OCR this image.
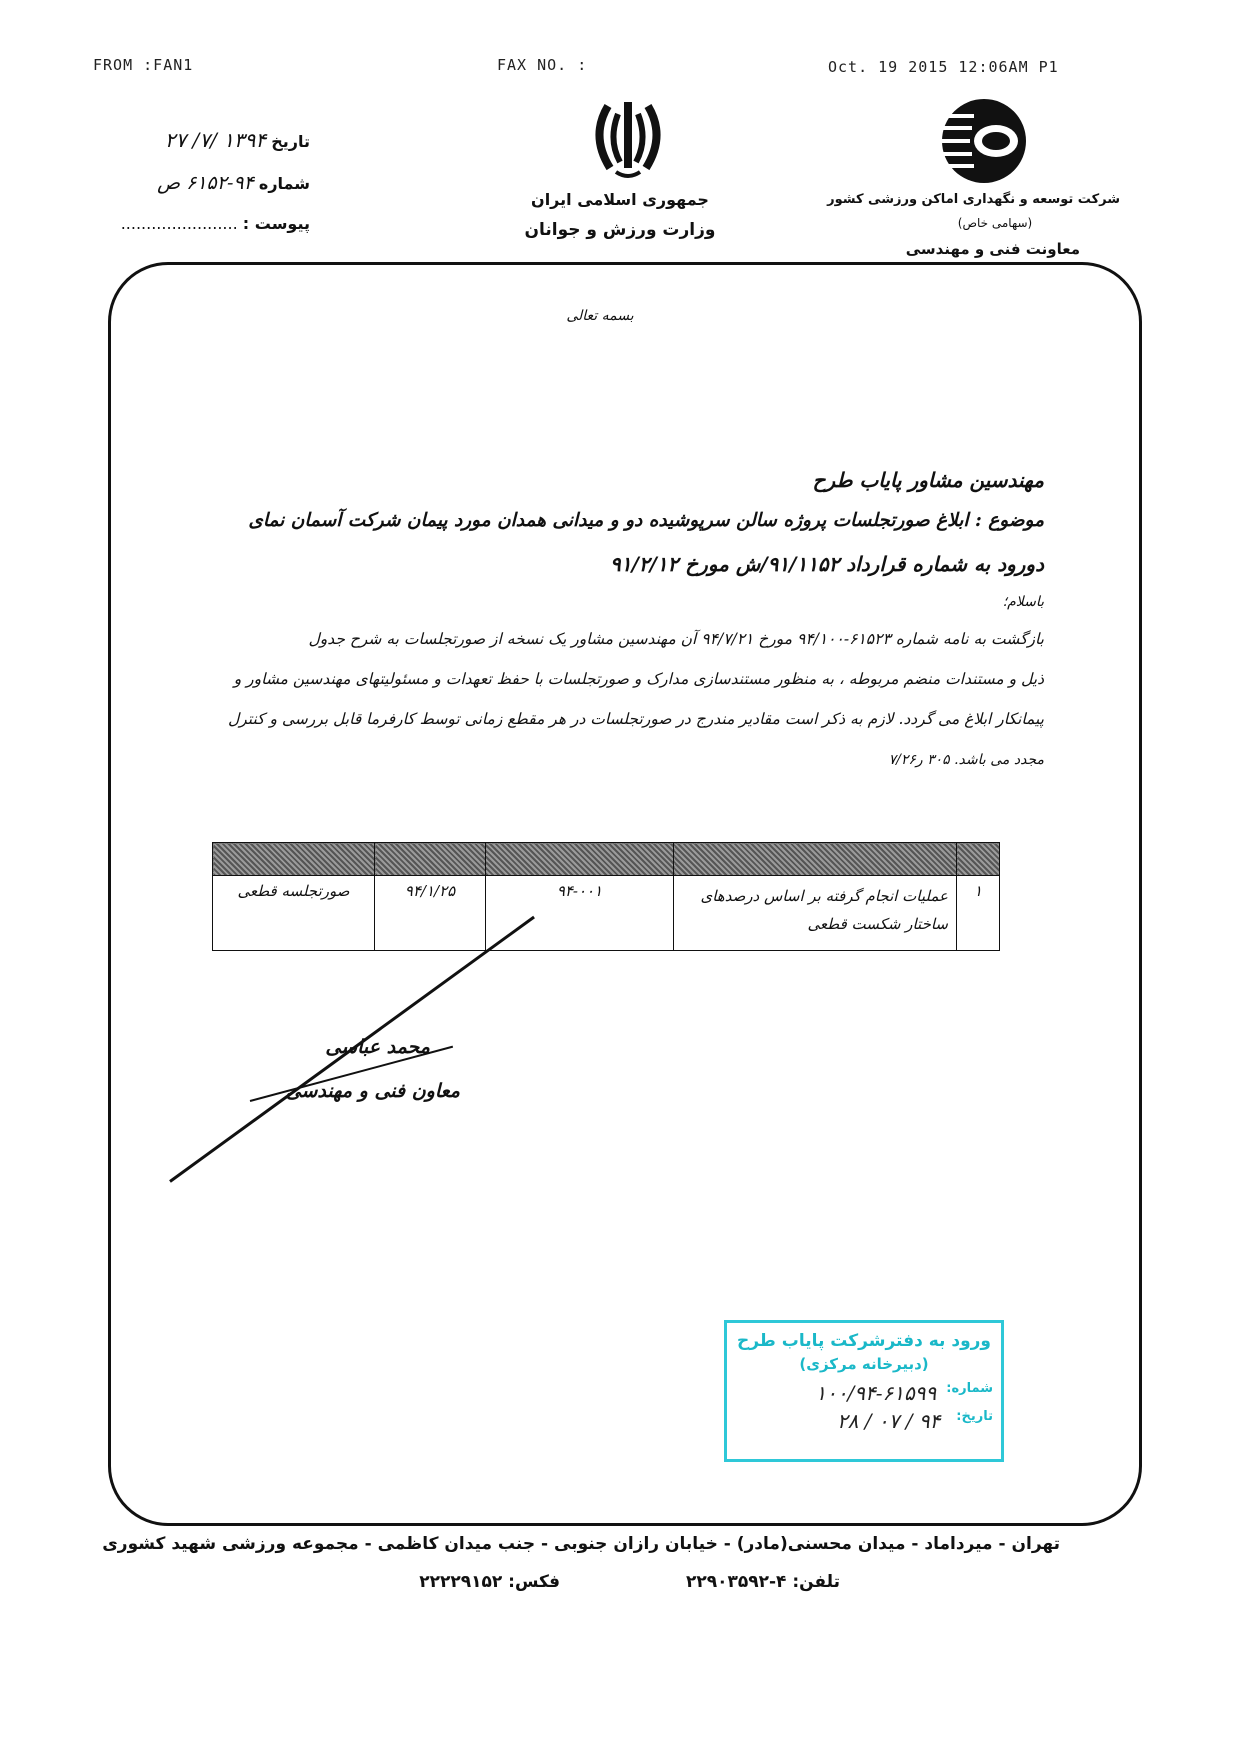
FROM :FAN1	FAX NO. :	Oct. 19 2015 12:06AM P1
تاریخ ۱۳۹۴ /۷/ ۲۷
شماره ۹۴-۶۱۵۲ ص
پیوست : .......................
جمهوری اسلامی ایران
وزارت ورزش و جوانان
شرکت توسعه و نگهداری اماکن ورزشی کشور
(سهامی خاص)
معاونت فنی و مهندسی
بسمه تعالی
مهندسین مشاور پایاب طرح
موضوع : ابلاغ صورتجلسات پروژه سالن سرپوشیده دو و میدانی همدان مورد پیمان شرکت آسمان نمای
دورود به شماره قرارداد ۹۱/۱۱۵۲/ش مورخ ۹۱/۲/۱۲
باسلام؛
بازگشت به نامه شماره ۶۱۵۲۳-۹۴/۱۰۰ مورخ ۹۴/۷/۲۱ آن مهندسین مشاور یک نسخه از صورتجلسات به شرح جدول
ذیل و مستندات منضم مربوطه ، به منظور مستندسازی مدارک و صورتجلسات با حفظ تعهدات و مسئولیتهای مهندسین مشاور و
پیمانکار ابلاغ می گردد. لازم به ذکر است مقادیر مندرج در صورتجلسات در هر مقطع زمانی توسط کارفرما قابل بررسی و کنترل
مجدد می باشد. ۳۰۵ ر۷/۲۶

۱	عملیات انجام گرفته بر اساس درصدهای ساختار شکست قطعی	۹۴-۰۰۱	۹۴/۱/۲۵	صورتجلسه قطعی
محمد عباسی
معاون فنی و مهندسی
ورود به دفترشرکت پایاب طرح
(دبیرخانه مرکزی)
شماره:
۱۰۰/۹۴-۶۱۵۹۹
تاریخ:
۹۴ / ۰۷ / ۲۸
تهران - میرداماد - میدان محسنی(مادر) - خیابان رازان جنوبی - جنب میدان کاظمی - مجموعه ورزشی شهید کشوری
تلفن: ۴-۲۲۹۰۳۵۹۲
فکس: ۲۲۲۲۹۱۵۲
